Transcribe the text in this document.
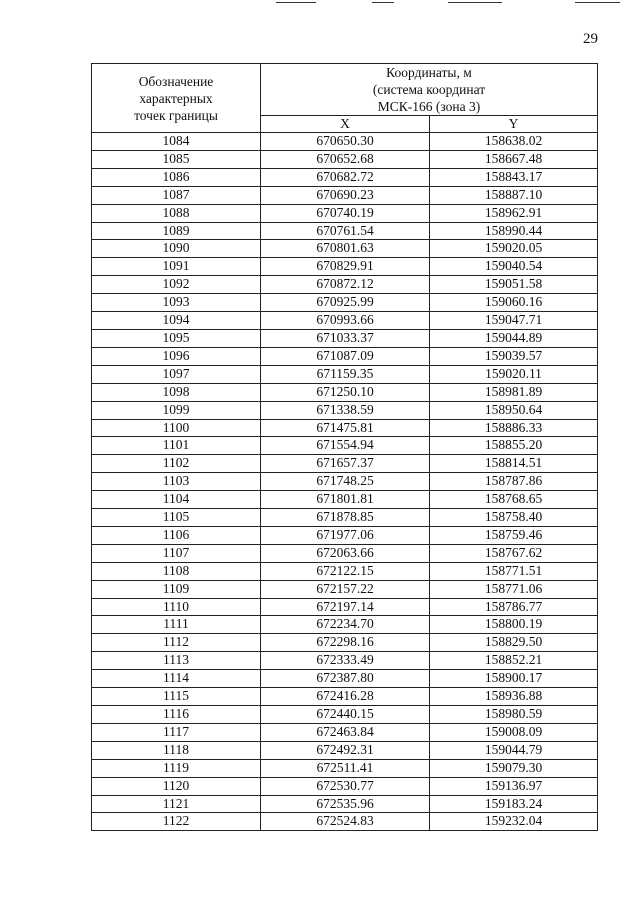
29
Обозначение
характерных
точек границы	Координаты, м
(система координат
МСК-166 (зона 3)	

	X	Y
1084	670650.30	158638.02
1085	670652.68	158667.48
1086	670682.72	158843.17
1087	670690.23	158887.10
1088	670740.19	158962.91
1089	670761.54	158990.44
1090	670801.63	159020.05
1091	670829.91	159040.54
1092	670872.12	159051.58
1093	670925.99	159060.16
1094	670993.66	159047.71
1095	671033.37	159044.89
1096	671087.09	159039.57
1097	671159.35	159020.11
1098	671250.10	158981.89
1099	671338.59	158950.64
1100	671475.81	158886.33
1101	671554.94	158855.20
1102	671657.37	158814.51
1103	671748.25	158787.86
1104	671801.81	158768.65
1105	671878.85	158758.40
1106	671977.06	158759.46
1107	672063.66	158767.62
1108	672122.15	158771.51
1109	672157.22	158771.06
1110	672197.14	158786.77
1111	672234.70	158800.19
1112	672298.16	158829.50
1113	672333.49	158852.21
1114	672387.80	158900.17
1115	672416.28	158936.88
1116	672440.15	158980.59
1117	672463.84	159008.09
1118	672492.31	159044.79
1119	672511.41	159079.30
1120	672530.77	159136.97
1121	672535.96	159183.24
1122	672524.83	159232.04
